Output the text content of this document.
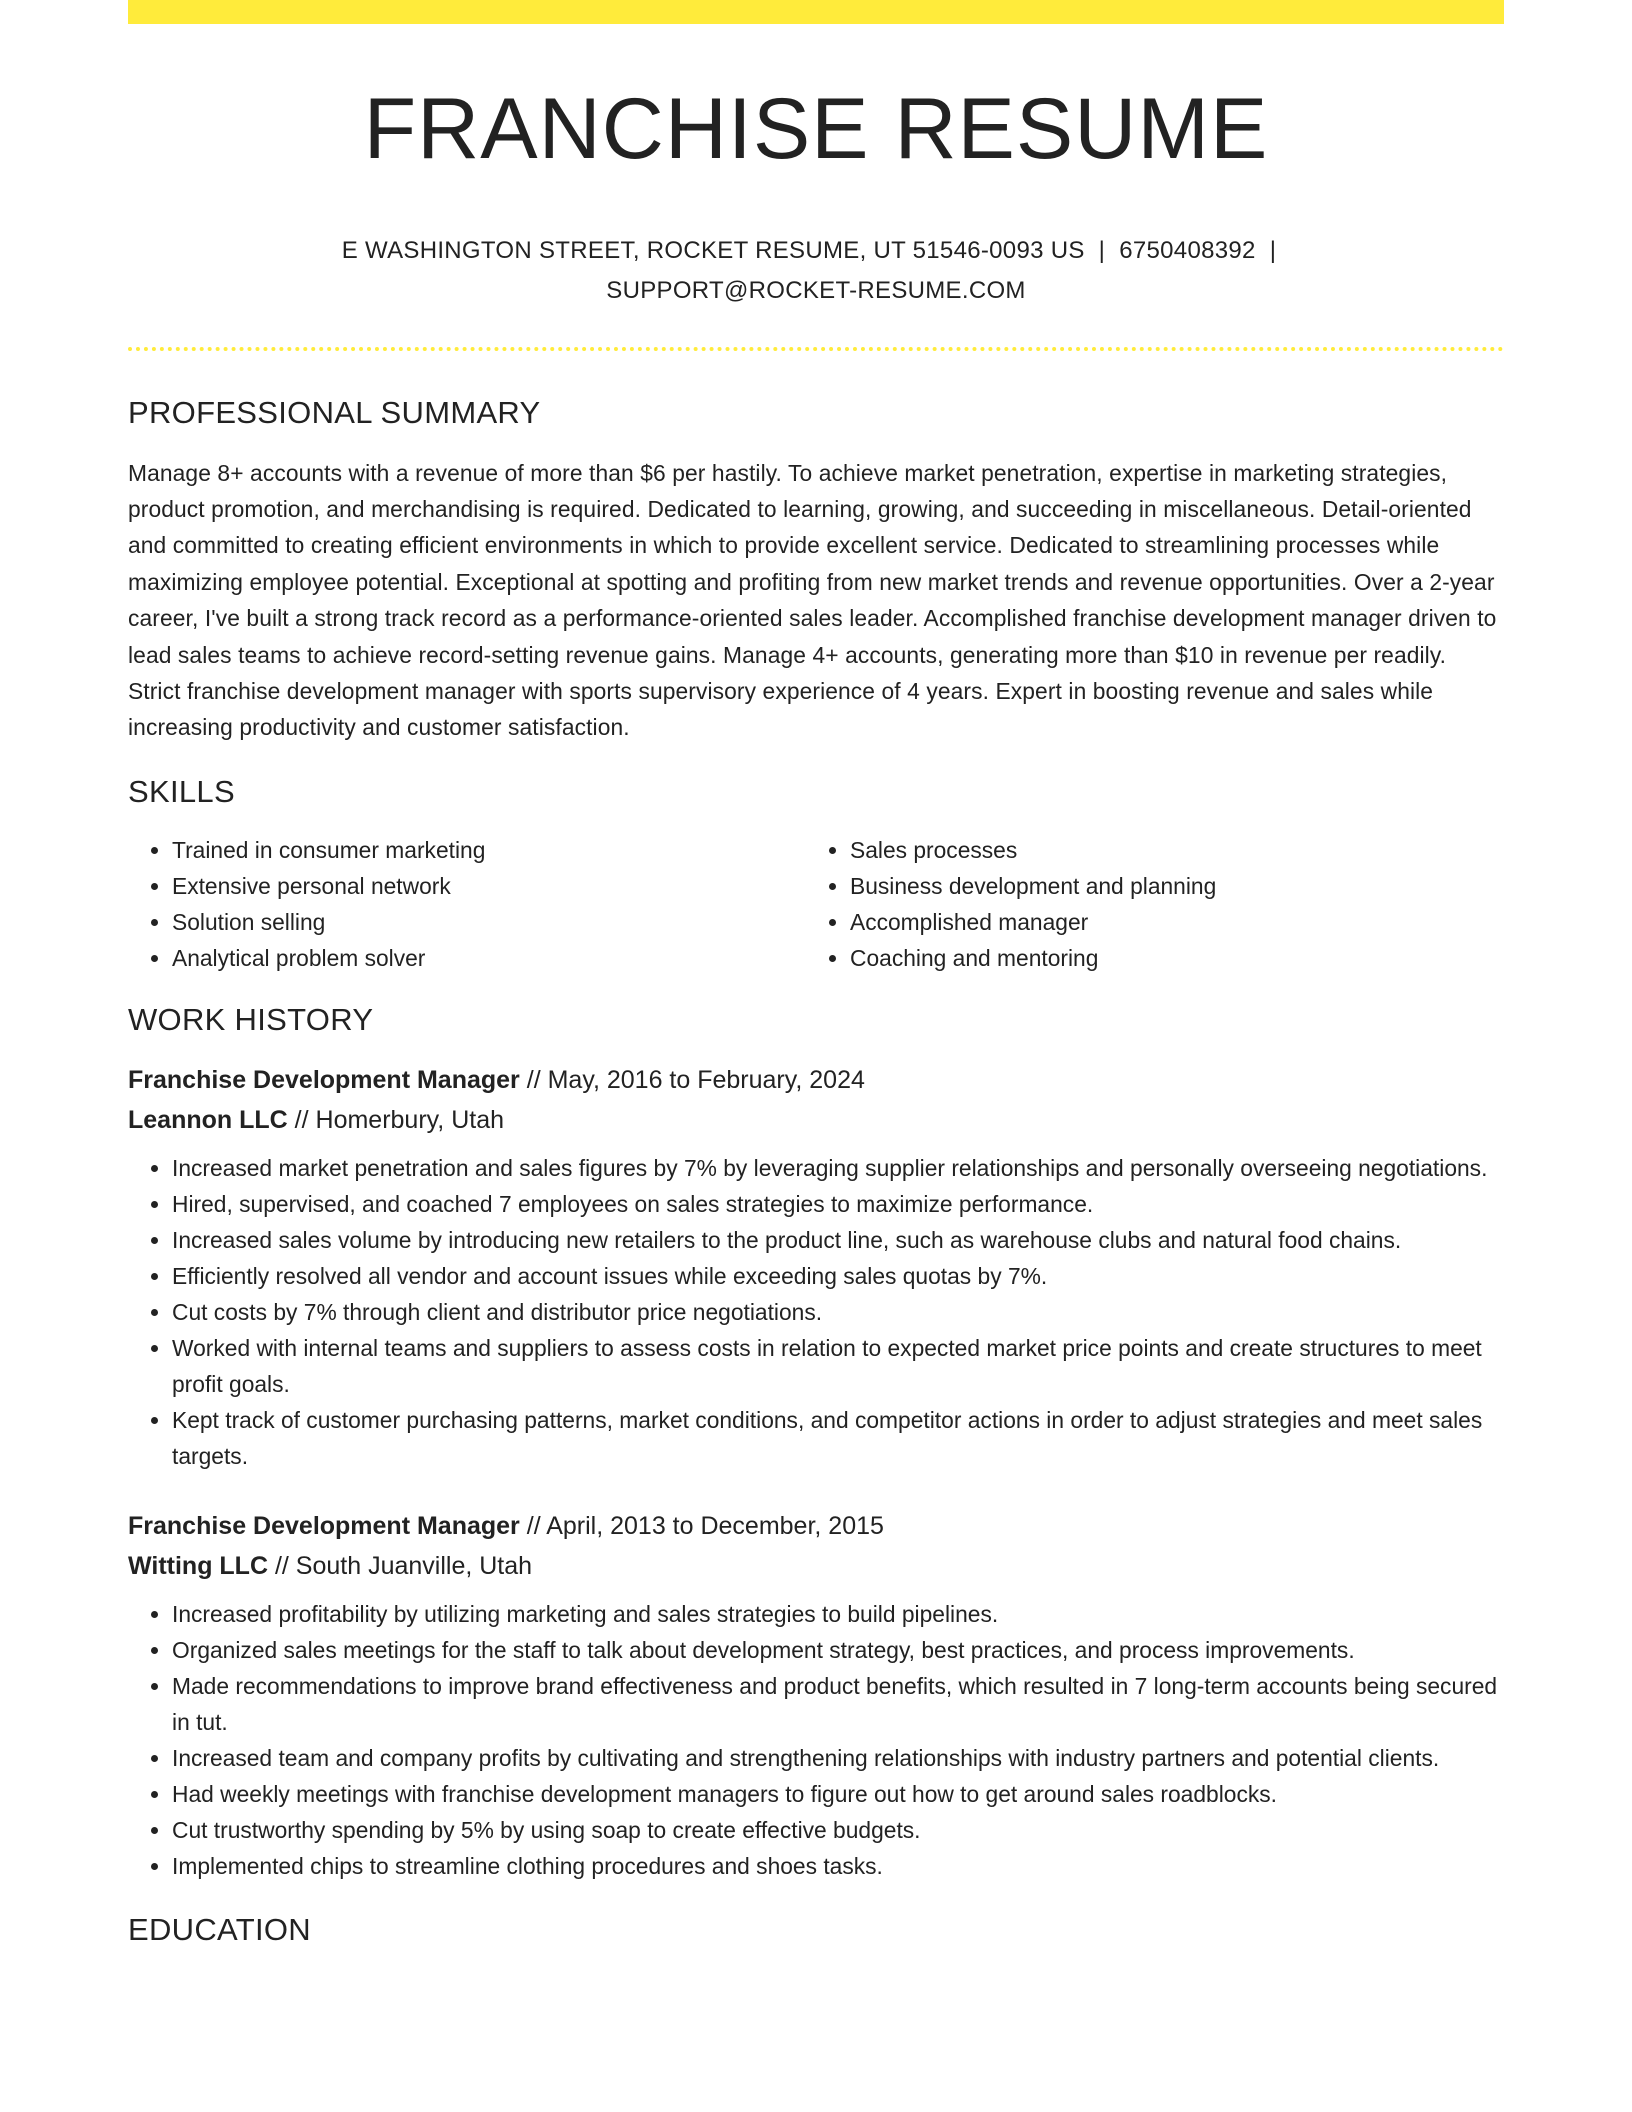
FRANCHISE RESUME
E WASHINGTON STREET, ROCKET RESUME, UT 51546-0093 US | 6750408392 |
SUPPORT@ROCKET-RESUME.COM
PROFESSIONAL SUMMARY

Manage 8+ accounts with a revenue of more than $6 per hastily. To achieve market penetration, expertise in marketing strategies, product promotion, and merchandising is required. Dedicated to learning, growing, and succeeding in miscellaneous. Detail-oriented and committed to creating efficient environments in which to provide excellent service. Dedicated to streamlining processes while maximizing employee potential. Exceptional at spotting and profiting from new market trends and revenue opportunities. Over a 2-year career, I've built a strong track record as a performance-oriented sales leader. Accomplished franchise development manager driven to lead sales teams to achieve record-setting revenue gains. Manage 4+ accounts, generating more than $10 in revenue per readily. Strict franchise development manager with sports supervisory experience of 4 years. Expert in boosting revenue and sales while increasing productivity and customer satisfaction.

SKILLS
• Trained in consumer marketing
• Extensive personal network
• Solution selling
• Analytical problem solver
• Sales processes
• Business development and planning
• Accomplished manager
• Coaching and mentoring
WORK HISTORY
Franchise Development Manager // May, 2016 to February, 2024
Leannon LLC // Homerbury, Utah
• Increased market penetration and sales figures by 7% by leveraging supplier relationships and personally overseeing negotiations.
• Hired, supervised, and coached 7 employees on sales strategies to maximize performance.
• Increased sales volume by introducing new retailers to the product line, such as warehouse clubs and natural food chains.
• Efficiently resolved all vendor and account issues while exceeding sales quotas by 7%.
• Cut costs by 7% through client and distributor price negotiations.
• Worked with internal teams and suppliers to assess costs in relation to expected market price points and create structures to meet profit goals.
• Kept track of customer purchasing patterns, market conditions, and competitor actions in order to adjust strategies and meet sales targets.
Franchise Development Manager // April, 2013 to December, 2015
Witting LLC // South Juanville, Utah
• Increased profitability by utilizing marketing and sales strategies to build pipelines.
• Organized sales meetings for the staff to talk about development strategy, best practices, and process improvements.
• Made recommendations to improve brand effectiveness and product benefits, which resulted in 7 long-term accounts being secured in tut.
• Increased team and company profits by cultivating and strengthening relationships with industry partners and potential clients.
• Had weekly meetings with franchise development managers to figure out how to get around sales roadblocks.
• Cut trustworthy spending by 5% by using soap to create effective budgets.
• Implemented chips to streamline clothing procedures and shoes tasks.
EDUCATION
